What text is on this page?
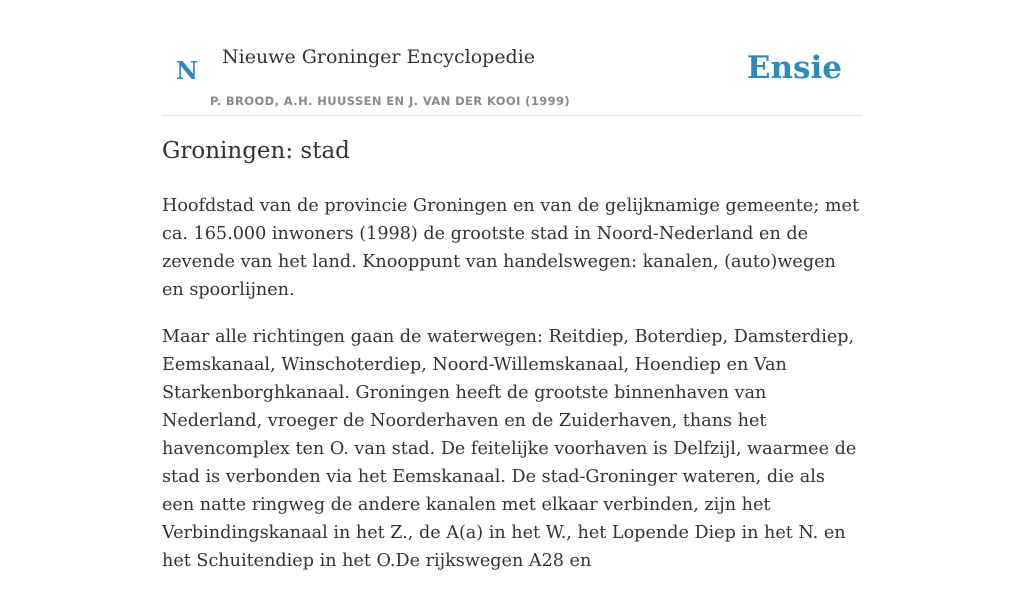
N Nieuwe Groninger Encyclopedie
P. BROOD, A.H. HUUSSEN EN J. VAN DER KOOI (1999)
Ensie
Groningen: stad

Hoofdstad van de provincie Groningen en van de gelijknamige gemeente; met ca. 165.000 inwoners (1998) de grootste stad in Noord-Nederland en de zevende van het land. Knooppunt van handelswegen: kanalen, (auto)wegen en spoorlijnen.

Maar alle richtingen gaan de waterwegen: Reitdiep, Boterdiep, Damsterdiep, Eemskanaal, Winschoterdiep, Noord-Willemskanaal, Hoendiep en Van Starkenborghkanaal. Groningen heeft de grootste binnenhaven van Nederland, vroeger de Noorderhaven en de Zuiderhaven, thans het havencomplex ten O. van stad. De feitelijke voorhaven is Delfzijl, waarmee de stad is verbonden via het Eemskanaal. De stad-Groninger wateren, die als een natte ringweg de andere kanalen met elkaar verbinden, zijn het Verbindingskanaal in het Z., de A(a) in het W., het Lopende Diep in het N. en het Schuitendiep in het O.De rijkswegen A28 en
